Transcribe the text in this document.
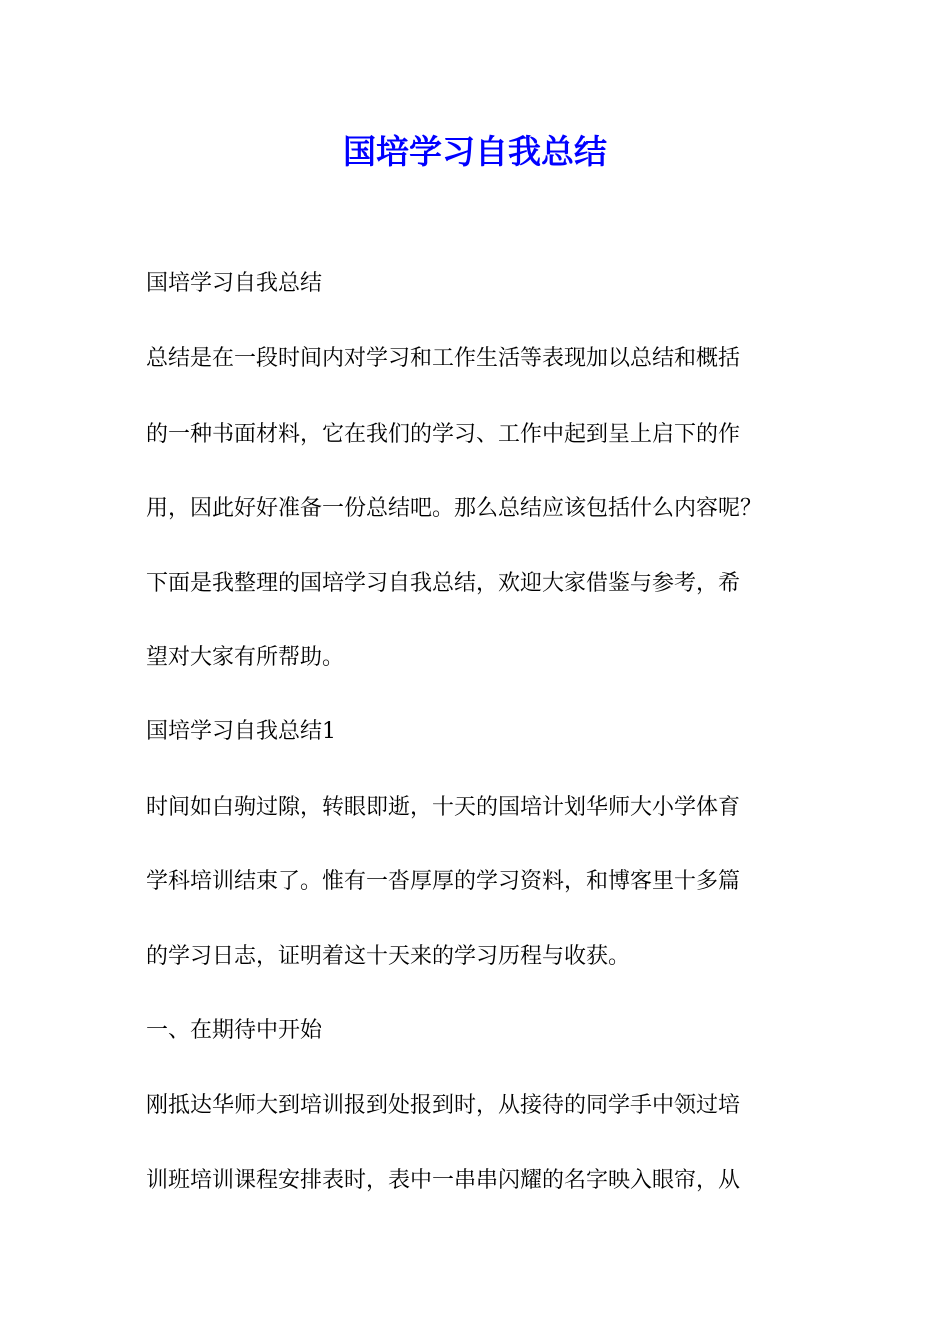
国培学习自我总结

国培学习自我总结

总结是在一段时间内对学习和工作生活等表现加以总结和概括

的一种书面材料，它在我们的学习、工作中起到呈上启下的作

用，因此好好准备一份总结吧。那么总结应该包括什么内容呢？

下面是我整理的国培学习自我总结，欢迎大家借鉴与参考，希

望对大家有所帮助。

国培学习自我总结1

时间如白驹过隙，转眼即逝，十天的国培计划华师大小学体育

学科培训结束了。惟有一沓厚厚的学习资料，和博客里十多篇

的学习日志，证明着这十天来的学习历程与收获。

一、在期待中开始

刚抵达华师大到培训报到处报到时，从接待的同学手中领过培

训班培训课程安排表时，表中一串串闪耀的名字映入眼帘，从
